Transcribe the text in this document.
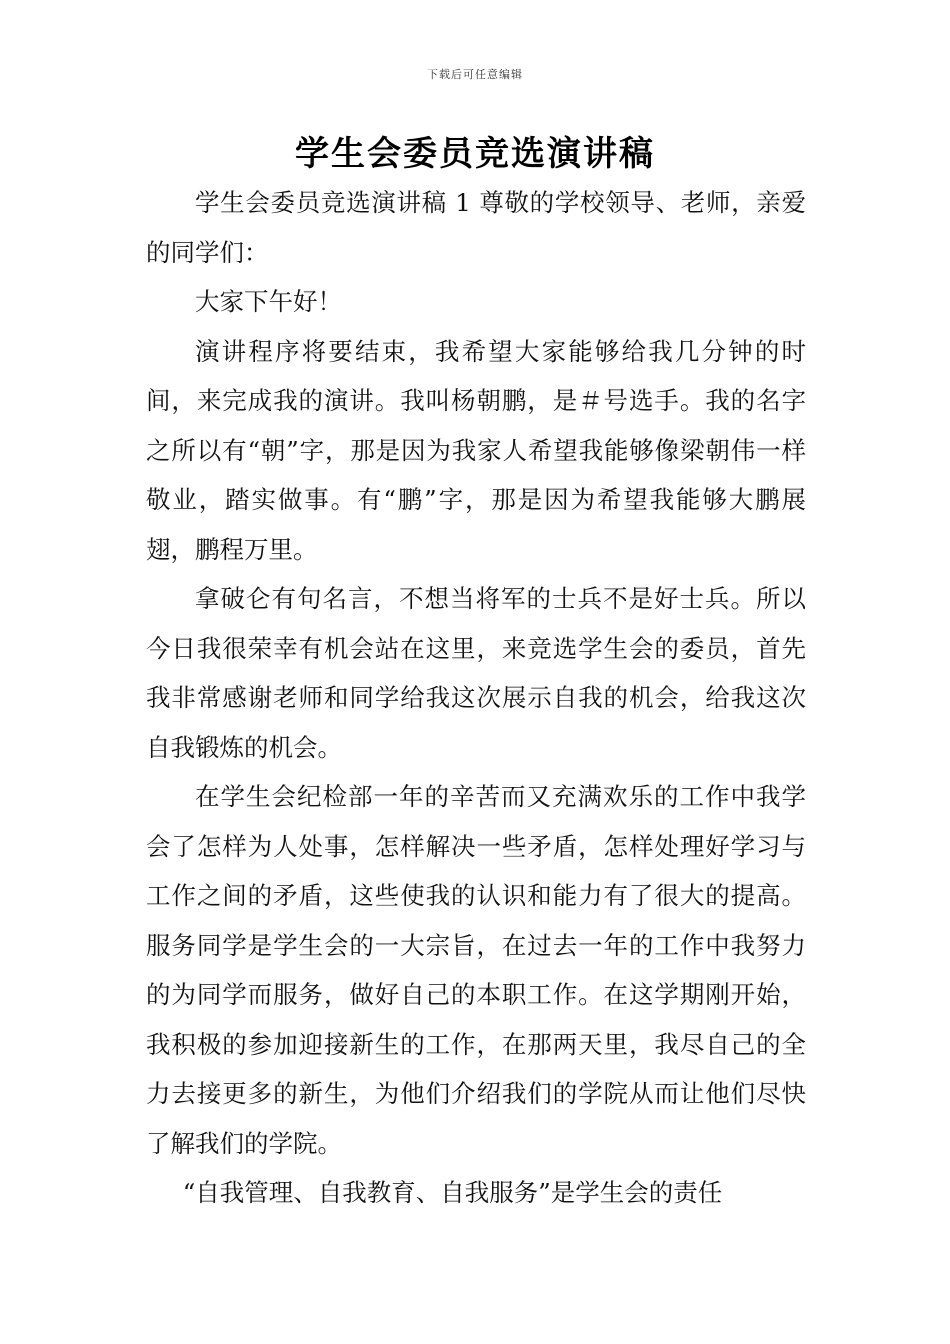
下载后可任意编辑
学生会委员竞选演讲稿

学生会委员竞选演讲稿 1 尊敬的学校领导、老师，亲爱的同学们：

大家下午好！

演讲程序将要结束，我希望大家能够给我几分钟的时间，来完成我的演讲。我叫杨朝鹏，是＃号选手。我的名字之所以有“朝”字，那是因为我家人希望我能够像梁朝伟一样敬业，踏实做事。有“鹏”字，那是因为希望我能够大鹏展翅，鹏程万里。

拿破仑有句名言，不想当将军的士兵不是好士兵。所以今日我很荣幸有机会站在这里，来竞选学生会的委员，首先我非常感谢老师和同学给我这次展示自我的机会，给我这次自我锻炼的机会。

在学生会纪检部一年的辛苦而又充满欢乐的工作中我学会了怎样为人处事，怎样解决一些矛盾，怎样处理好学习与工作之间的矛盾，这些使我的认识和能力有了很大的提高。服务同学是学生会的一大宗旨，在过去一年的工作中我努力的为同学而服务，做好自己的本职工作。在这学期刚开始，我积极的参加迎接新生的工作，在那两天里，我尽自己的全力去接更多的新生，为他们介绍我们的学院从而让他们尽快了解我们的学院。

“自我管理、自我教育、自我服务”是学生会的责任
